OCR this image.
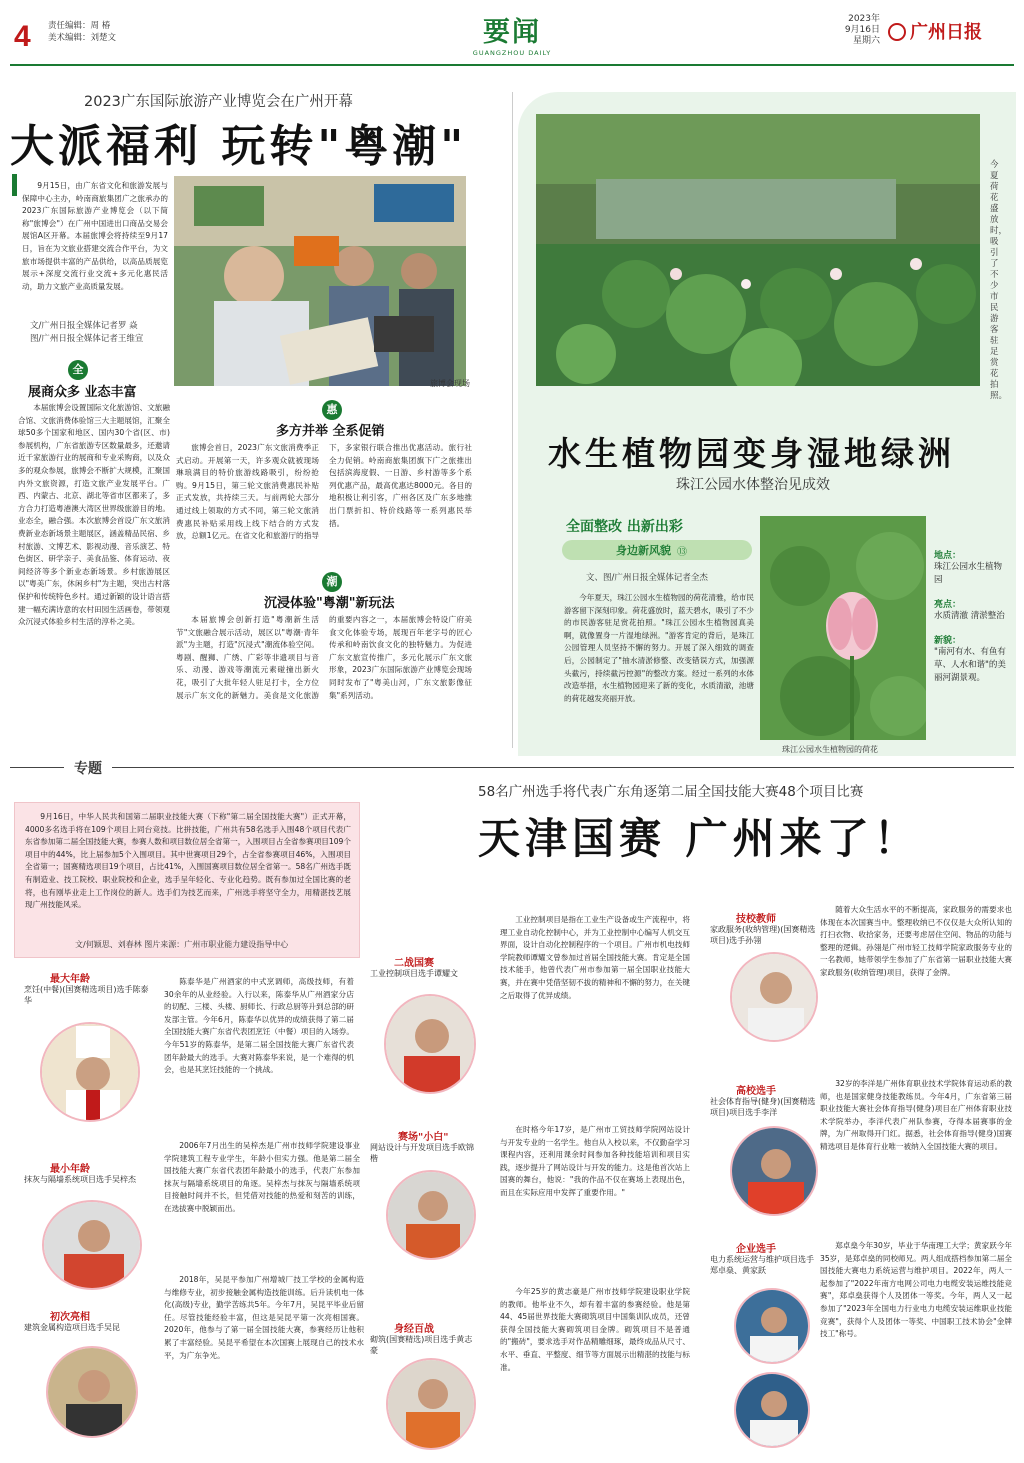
4 责任编辑：周 椿
美术编辑：刘楚文	要闻
GUANGZHOU DAILY
2023年
9月16日
星期六	广州日报
2023广东国际旅游产业博览会在广州开幕
大派福利 玩转"粤潮"

9月15日，由广东省文化和旅游发展与保障中心主办，岭南商旅集团广之旅承办的2023广东国际旅游产业博览会（以下简称"旅博会"）在广州中国进出口商品交易会展馆A区开幕。本届旅博会将持续至9月17日，旨在为文旅业搭建交流合作平台，为文旅市场提供丰富的产品供给，以高品质展览展示+深度交流行业交流+多元化惠民活动，助力文旅产业高质量发展。

文/广州日报全媒体记者罗 焱
图/广州日报全媒体记者王维宣
旅博会现场
全
展商众多 业态丰富

本届旅博会设置国际文化旅游馆、文旅融合馆、文旅消费体验馆三大主题展馆，汇聚全球50多个国家和地区、国内30个省(区、市)参展机构，广东省旅游专区数量最多，还邀请近千家旅游行业的展商和专业采购商，以及众多的观众参展，旅博会不断扩大规模，汇聚国内外文旅资源，打造文旅产业发展平台。广西、内蒙古、北京、湖北等省市区都来了，多方合力打造粤港澳大湾区世界级旅游目的地。业态全，融合强。本次旅博会首设广东文旅消费新业态新场景主题展区，涵盖精品民宿、乡村旅游、文博艺术、影视动漫、音乐演艺、特色街区、研学亲子、美食品鉴、体育运动、夜间经济等多个新业态新场景。乡村旅游展区以"粤美广东，休闲乡村"为主题，突出古村落保护和传统特色乡村。通过新颖的设计语言搭建一幅充满诗意的农村田园生活画卷，带领观众沉浸式体验乡村生活的淳朴之美。

惠
多方并举 全系促销

旅博会首日，2023广东文旅消费季正式启动。开展第一天，许多观众就被现场琳琅满目的特价旅游线路吸引，纷纷抢购。9月15日，第三轮文旅消费惠民补贴正式发放，共持续三天。与前两轮大部分通过线上领取的方式不同，第三轮文旅消费惠民补贴采用线上线下结合的方式发放，总额1亿元。在省文化和旅游厅的指导下，多家银行联合推出优惠活动。旅行社全力促销。岭南商旅集团旗下广之旅推出包括滨海度假、一日游、乡村游等多个系列优惠产品，最高优惠达8000元。各目的地积极让利引客，广州各区及广东多地推出门票折扣、特价线路等一系列惠民举措。

潮
沉浸体验"粤潮"新玩法

本届旅博会创新打造"粤潮新生活节"文旅融合展示活动，展区以"粤潮·青年派"为主题，打造"沉浸式"潮流体验空间。粤剧、醒狮、广绣、广彩等非遗项目与音乐、动漫、游戏等潮流元素碰撞出新火花，吸引了大批年轻人驻足打卡，全方位展示广东文化的新魅力。美食是文化旅游的重要内容之一，本届旅博会特设广府美食文化体验专场，展现百年老字号的匠心传承和岭南饮食文化的独特魅力。为促进广东文旅宣传推广，多元化展示广东文旅形象，2023广东国际旅游产业博览会现场同时发布了"粤美山河，广东文旅影像征集"系列活动。

今夏荷花盛放时，吸引了不少市民游客驻足赏花拍照。
水生植物园变身湿地绿洲
珠江公园水体整治见成效
全面整改 出新出彩
身边新风貌 ⑬
文、图/广州日报全媒体记者全杰

今年夏天，珠江公园水生植物园的荷花清雅，给市民游客留下深刻印象。荷花盛放时，蓝天碧水，吸引了不少的市民游客驻足赏花拍照。"珠江公园水生植物园真美啊，就像置身一片湿地绿洲。"游客肯定的背后，是珠江公园管理人员坚持不懈的努力。开展了深入细致的调查后，公园制定了"抽水清淤修整、改变错误方式，加强源头截污，持续截污控源"的整改方案。经过一系列的水体改造举措，水生植物园迎来了新的变化，水质清澈，池塘的荷花越发亮丽开放。

珠江公园水生植物园的荷花
地点：
珠江公园水生植物园
亮点：
水质清澈 清淤整治
新貌：
"南河有水、有鱼有草、人水和谐"的美丽河湖景观。
专题

9月16日，中华人民共和国第二届职业技能大赛（下称"第二届全国技能大赛"）正式开幕，4000多名选手将在109个项目上同台竞技。比拼技能，广州共有58名选手入围48个项目代表广东省参加第二届全国技能大赛，参赛人数和项目数位居全省第一，入围项目占全省参赛项目109个项目中的44%，比上届参加5个入围项目。其中世赛项目29个，占全省参赛项目46%，入围项目全省第一；国赛精选项目19个项目，占比41%，入围国赛项目数位居全省第一。58名广州选手既有制造业、技工院校、职业院校和企业，选手呈年轻化、专业化趋势。既有参加过全国比赛的老将，也有刚毕业走上工作岗位的新人。选手们为技艺而来，广州选手将坚守全力，用精湛技艺展现广州技能风采。

文/何颖思、刘春林 图片来源：广州市职业能力建设指导中心
58名广州选手将代表广东角逐第二届全国技能大赛48个项目比赛
天津国赛 广州来了！
最大年龄
烹饪(中餐)(国赛精选项目)选手陈泰华

陈泰华是广州酒家的中式烹调师，高级技师，有着30余年的从业经验。入行以来，陈泰华从广州酒家分店的切配、三楼、头楼、厨师长、行政总厨等升到总部的研发部主管。今年6月，陈泰华以优异的成绩获得了第二届全国技能大赛广东省代表团烹饪（中餐）项目的入场券。今年51岁的陈泰华，是第二届全国技能大赛广东省代表团年龄最大的选手。大赛对陈泰华来说，是一个难得的机会，也是其烹饪技能的一个挑战。

最小年龄
抹灰与隔墙系统项目选手吴梓杰

2006年7月出生的吴梓杰是广州市技师学院建设事业学院建筑工程专业学生，年龄小但实力强。他是第二届全国技能大赛广东省代表团年龄最小的选手，代表广东参加抹灰与隔墙系统项目的角逐。吴梓杰与抹灰与隔墙系统项目接触时间并不长，但凭借对技能的热爱和刻苦的训练，在选拔赛中脱颖而出。

初次亮相
建筑金属构造项目选手吴昆

2018年，吴昆平参加广州增城厂技工学校的金属构造与维修专业，初步接触金属构造技能训练。后升读机电一体化(高级)专业，勤学苦练共5年。今年7月，吴昆平毕业后留任。尽管技能经验丰富，但这是吴昆平第一次亮相国赛。2020年，他参与了第一届全国技能大赛，参赛经历让他积累了丰富经验。吴昆平希望在本次国赛上展现自己的技术水平，为广东争光。

二战国赛
工业控制项目选手谭耀文

工业控制项目是指在工业生产设备或生产流程中，将理工业自动化控制中心，并为工业控制中心编写人机交互界面，设计自动化控制程序的一个项目。广州市机电技师学院教师谭耀文曾参加过首届全国技能大赛。肯定是全国技术能手，他曾代表广州市参加第一届全国职业技能大赛，并在赛中凭借坚韧不拔的精神和不懈的努力，在关键之后取得了优异成绩。

赛场"小白"
网站设计与开发项目选手欧锦楷

在时格今年17岁，是广州市工贸技师学院网站设计与开发专业的一名学生。他自从入校以来，不仅勤奋学习课程内容，还利用课余时间参加各种技能培训和项目实践，逐步提升了网站设计与开发的能力。这是他首次站上国赛的舞台，他说："我的作品不仅在赛场上表现出色，而且在实际应用中发挥了重要作用。"

身经百战
砌筑(国赛精选)项目选手黄志豪

今年25岁的黄志豪是广州市技师学院建设职业学院的教师。他毕业不久，却有着丰富的参赛经验。他是第44、45届世界技能大赛砌筑项目中国集训队成员，还曾获得全国技能大赛砌筑项目金牌。砌筑项目不是普通的"搬砖"，要求选手对作品精雕细琢，最终成品从尺寸、水平、垂直、平整度、细节等方面展示出精湛的技能与标准。

技校教师
家政服务(收纳管理)(国赛精选项目)选手孙翎

随着大众生活水平的不断提高，家政服务的需要求也体现在本次国赛当中。整理收纳已不仅仅是大众所认知的打扫衣物、收拾家务，还要考虑居住空间、物品的功能与整理的逻辑。孙翎是广州市轻工技师学院家政服务专业的一名教师，她带领学生参加了广东省第一届职业技能大赛家政服务(收纳管理)项目，获得了金牌。

高校选手
社会体育指导(健身)(国赛精选项目)项目选手李洋

32岁的李洋是广州体育职业技术学院体育运动系的教师，也是国家健身技能教练员。今年4月，广东省第三届职业技能大赛社会体育指导(健身)项目在广州体育职业技术学院举办，李洋代表广州队参赛，夺得本届赛事的金牌，为广州取得开门红。据悉，社会体育指导(健身)国赛精选项目是体育行业唯一被纳入全国技能大赛的项目。

企业选手
电力系统运营与维护项目选手郑卓燊、黄家跃

郑卓燊今年30岁，毕业于华南理工大学；黄家跃今年35岁，是郑卓燊的同校师兄。两人组成搭档参加第二届全国技能大赛电力系统运营与维护项目。2022年，两人一起参加了"2022年南方电网公司电力电缆安装运维技能竞赛"，郑卓燊获得个人及团体一等奖。今年，两人又一起参加了"2023年全国电力行业电力电缆安装运维职业技能竞赛"，获得个人及团体一等奖、中国职工技术协会"金牌技工"称号。
